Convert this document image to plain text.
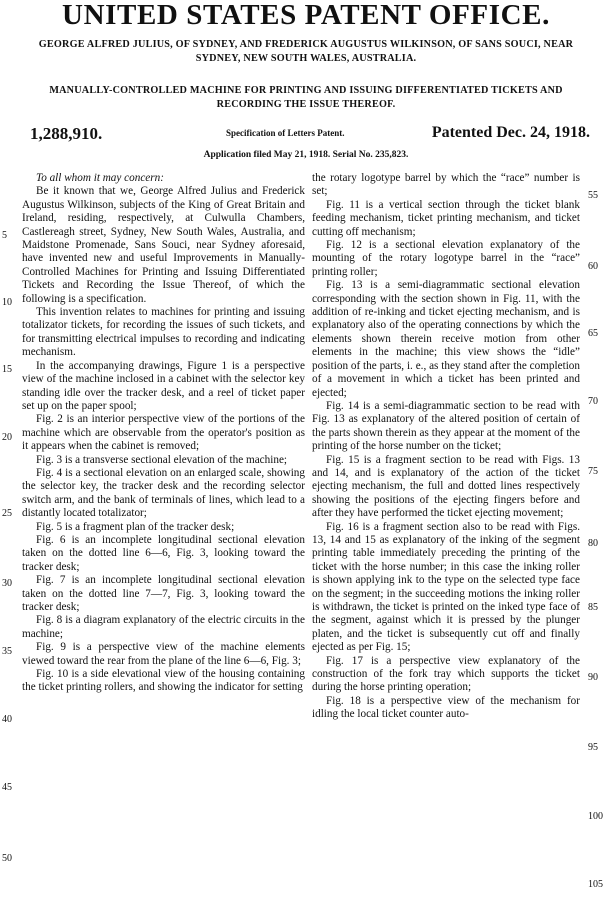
UNITED STATES PATENT OFFICE.
GEORGE ALFRED JULIUS, OF SYDNEY, AND FREDERICK AUGUSTUS WILKINSON, OF SANS SOUCI, NEAR SYDNEY, NEW SOUTH WALES, AUSTRALIA.
MANUALLY-CONTROLLED MACHINE FOR PRINTING AND ISSUING DIFFERENTIATED TICKETS AND RECORDING THE ISSUE THEREOF.
1,288,910.	Specification of Letters Patent.	Patented Dec. 24, 1918.
Application filed May 21, 1918. Serial No. 235,823.

To all whom it may concern:

Be it known that we, George Alfred Julius and Frederick Augustus Wilkinson, subjects of the King of Great Britain and Ireland, residing, respectively, at Culwulla Chambers, Castlereagh street, Sydney, New South Wales, Australia, and Maidstone Promenade, Sans Souci, near Sydney aforesaid, have invented new and useful Improvements in Manually-Controlled Machines for Printing and Issuing Differentiated Tickets and Recording the Issue Thereof, of which the following is a specification.

This invention relates to machines for printing and issuing totalizator tickets, for recording the issues of such tickets, and for transmitting electrical impulses to recording and indicating mechanism.

In the accompanying drawings, Figure 1 is a perspective view of the machine inclosed in a cabinet with the selector key standing idle over the tracker desk, and a reel of ticket paper set up on the paper spool;

Fig. 2 is an interior perspective view of the portions of the machine which are observable from the operator's position as it appears when the cabinet is removed;

Fig. 3 is a transverse sectional elevation of the machine;

Fig. 4 is a sectional elevation on an enlarged scale, showing the selector key, the tracker desk and the recording selector switch arm, and the bank of terminals of lines, which lead to a distantly located totalizator;

Fig. 5 is a fragment plan of the tracker desk;

Fig. 6 is an incomplete longitudinal sectional elevation taken on the dotted line 6—6, Fig. 3, looking toward the tracker desk;

Fig. 7 is an incomplete longitudinal sectional elevation taken on the dotted line 7—7, Fig. 3, looking toward the tracker desk;

Fig. 8 is a diagram explanatory of the electric circuits in the machine;

Fig. 9 is a perspective view of the machine elements viewed toward the rear from the plane of the line 6—6, Fig. 3;

Fig. 10 is a side elevational view of the housing containing the ticket printing rollers, and showing the indicator for setting

the rotary logotype barrel by which the “race” number is set;

Fig. 11 is a vertical section through the ticket blank feeding mechanism, ticket printing mechanism, and ticket cutting off mechanism;

Fig. 12 is a sectional elevation explanatory of the mounting of the rotary logotype barrel in the “race” printing roller;

Fig. 13 is a semi-diagrammatic sectional elevation corresponding with the section shown in Fig. 11, with the addition of re-inking and ticket ejecting mechanism, and is explanatory also of the operating connections by which the elements shown therein receive motion from other elements in the machine; this view shows the “idle” position of the parts, i. e., as they stand after the completion of a movement in which a ticket has been printed and ejected;

Fig. 14 is a semi-diagrammatic section to be read with Fig. 13 as explanatory of the altered position of certain of the parts shown therein as they appear at the moment of the printing of the horse number on the ticket;

Fig. 15 is a fragment section to be read with Figs. 13 and 14, and is explanatory of the action of the ticket ejecting mechanism, the full and dotted lines respectively showing the positions of the ejecting fingers before and after they have performed the ticket ejecting movement;

Fig. 16 is a fragment section also to be read with Figs. 13, 14 and 15 as explanatory of the inking of the segment printing table immediately preceding the printing of the ticket with the horse number; in this case the inking roller is shown applying ink to the type on the selected type face on the segment; in the succeeding motions the inking roller is withdrawn, the ticket is printed on the inked type face of the segment, against which it is pressed by the plunger platen, and the ticket is subsequently cut off and finally ejected as per Fig. 15;

Fig. 17 is a perspective view explanatory of the construction of the fork tray which supports the ticket during the horse printing operation;

Fig. 18 is a perspective view of the mechanism for idling the local ticket counter auto-

5
10
15
20
25
30
35
40
45
50
55
60
65
70
75
80
85
90
95
100
105
